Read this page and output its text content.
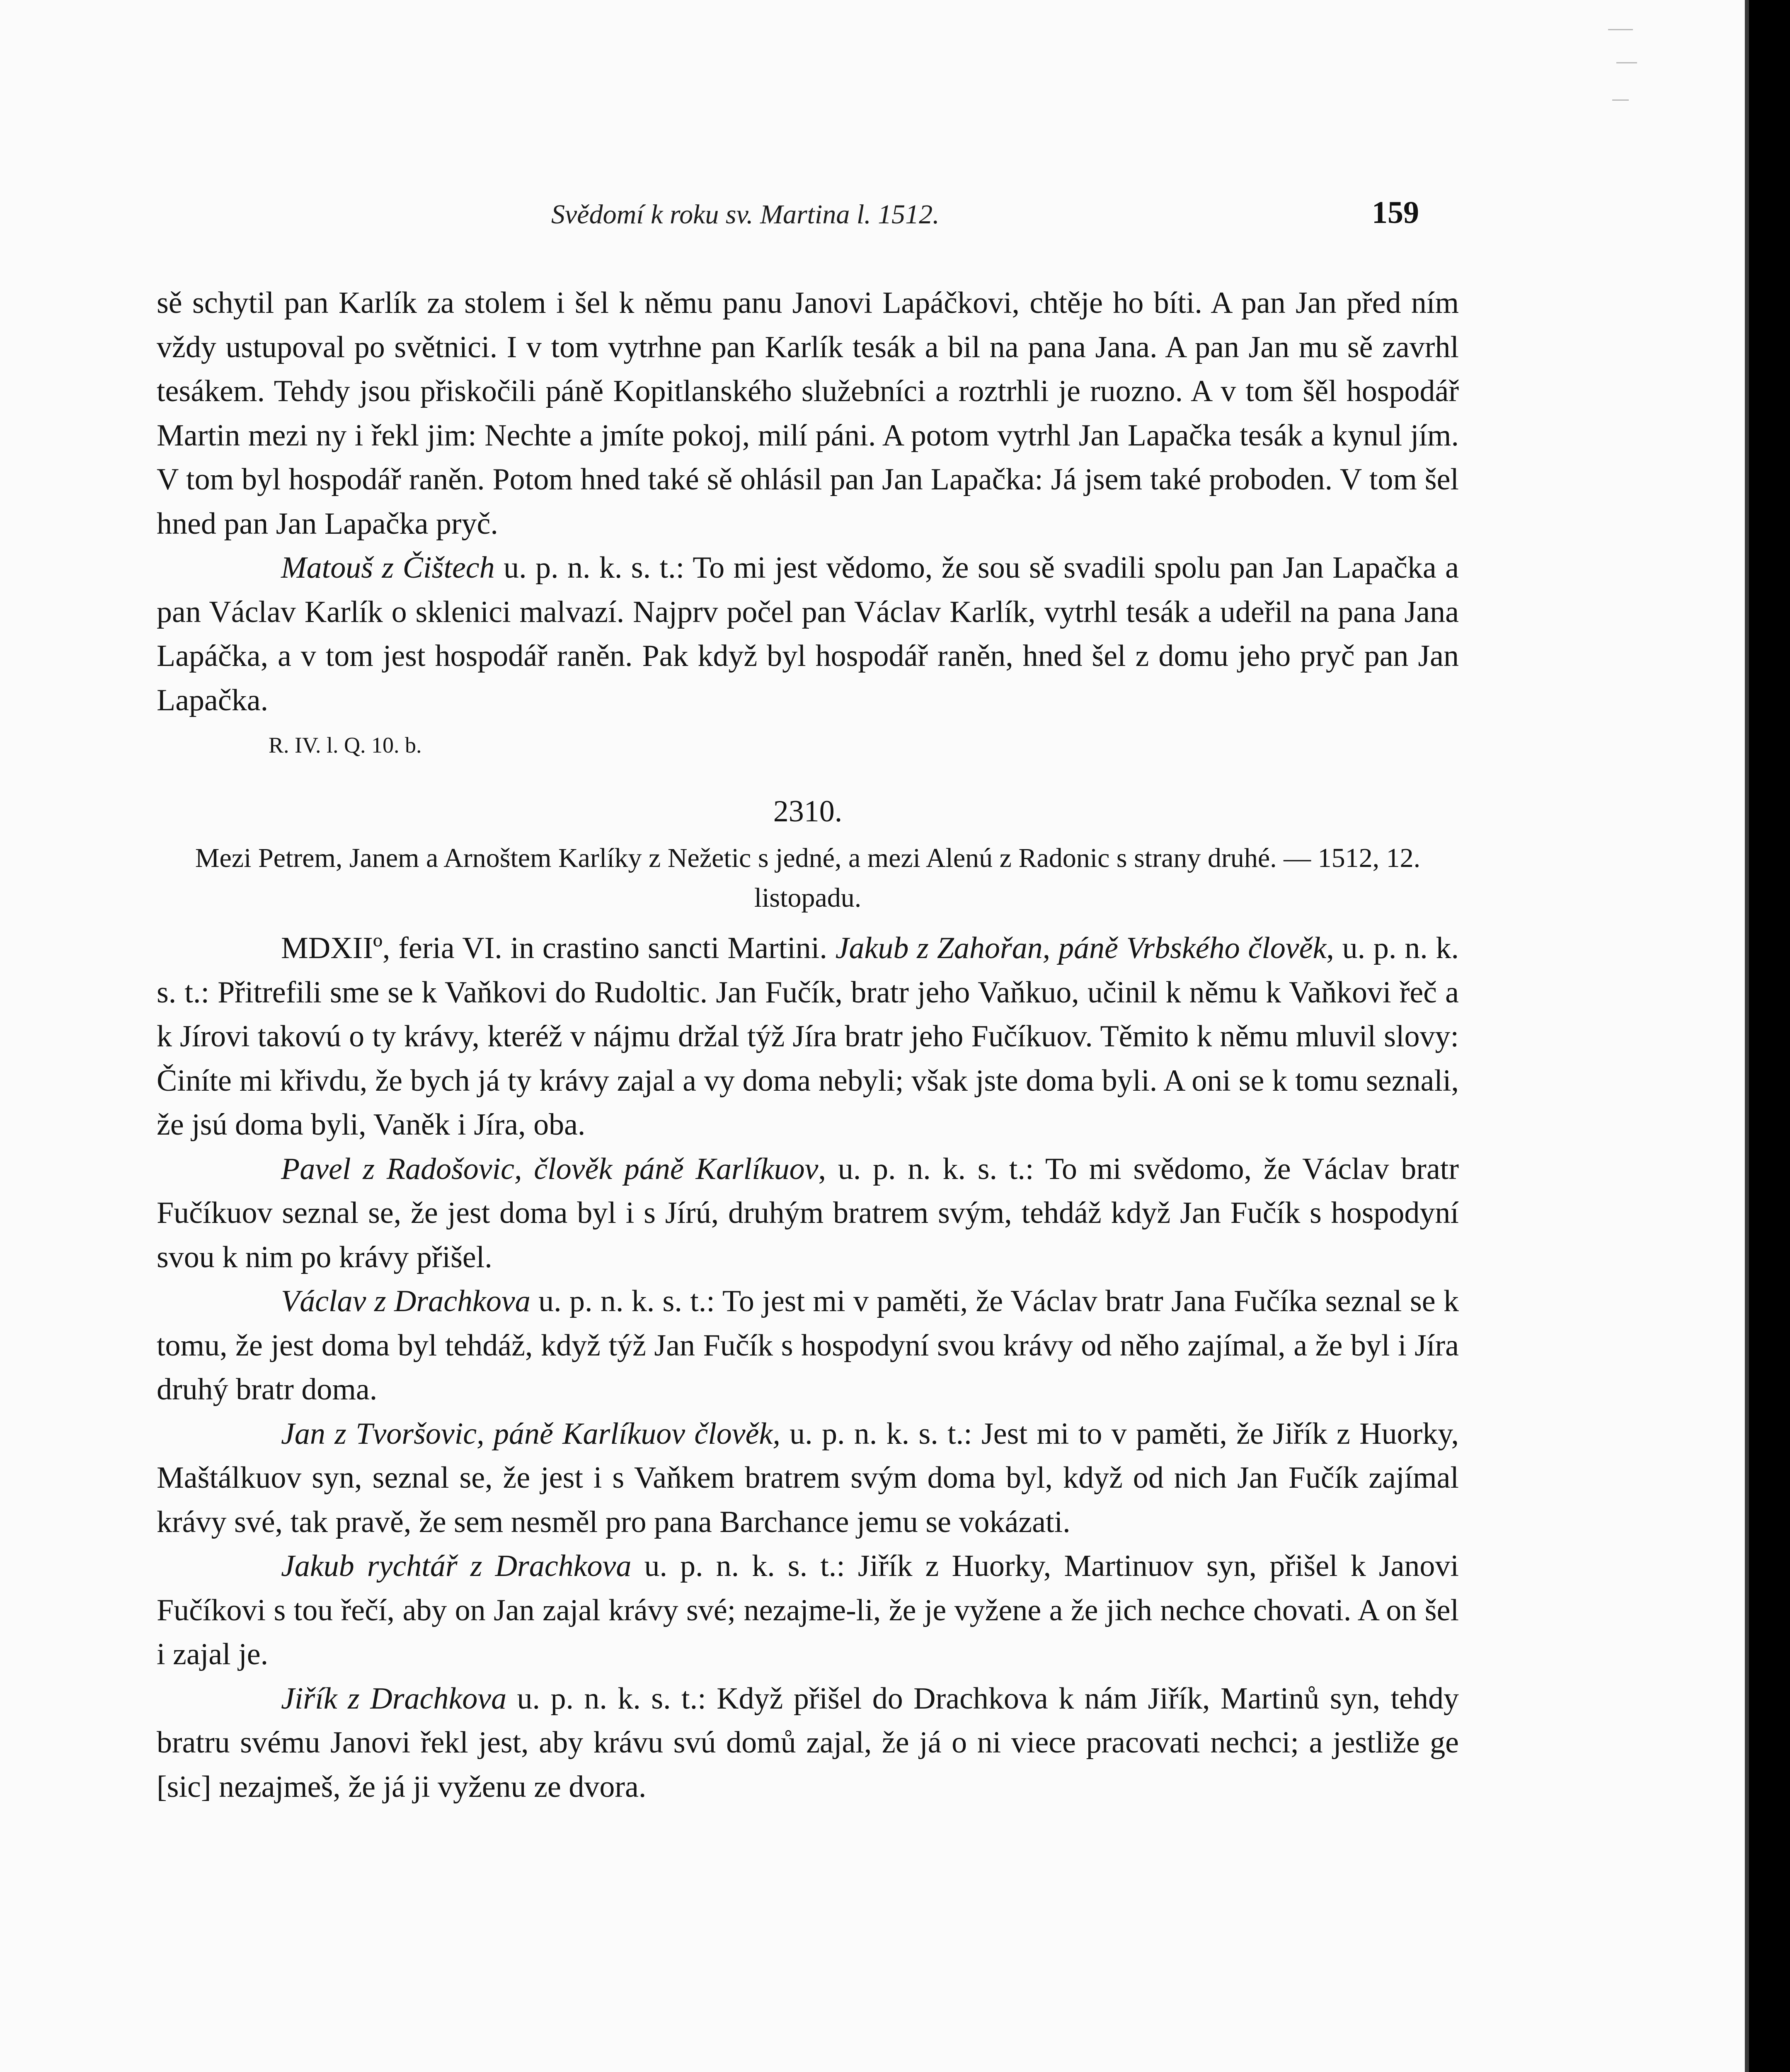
Svědomí k roku sv. Martina l. 1512.	159

sě schytil pan Karlík za stolem i šel k němu panu Janovi Lapáčkovi, chtěje ho bíti. A pan Jan před ním vždy ustupoval po světnici. I v tom vytrhne pan Karlík tesák a bil na pana Jana. A pan Jan mu sě zavrhl tesákem. Tehdy jsou přiskočili páně Kopitlanského služebníci a roztrhli je ruozno. A v tom šěl hospodář Martin mezi ny i řekl jim: Nechte a jmíte pokoj, milí páni. A potom vytrhl Jan Lapačka tesák a kynul jím. V tom byl hospodář raněn. Potom hned také sě ohlásil pan Jan Lapačka: Já jsem také proboden. V tom šel hned pan Jan Lapačka pryč.

Matouš z Čištech u. p. n. k. s. t.: To mi jest vědomo, že sou sě svadili spolu pan Jan Lapačka a pan Václav Karlík o sklenici malvazí. Najprv počel pan Václav Karlík, vytrhl tesák a udeřil na pana Jana Lapáčka, a v tom jest hospodář raněn. Pak když byl hospodář raněn, hned šel z domu jeho pryč pan Jan Lapačka.

R. IV. l. Q. 10. b.
2310.
Mezi Petrem, Janem a Arnoštem Karlíky z Nežetic s jedné, a mezi Alenú z Radonic s strany druhé. — 1512, 12. listopadu.

MDXIIº, feria VI. in crastino sancti Martini. Jakub z Zahořan, páně Vrbského člověk, u. p. n. k. s. t.: Přitrefili sme se k Vaňkovi do Rudoltic. Jan Fučík, bratr jeho Vaňkuo, učinil k němu k Vaňkovi řeč a k Jírovi takovú o ty krávy, kteréž v nájmu držal týž Jíra bratr jeho Fučíkuov. Těmito k němu mluvil slovy: Činíte mi křivdu, že bych já ty krávy zajal a vy doma nebyli; však jste doma byli. A oni se k tomu seznali, že jsú doma byli, Vaněk i Jíra, oba.

Pavel z Radošovic, člověk páně Karlíkuov, u. p. n. k. s. t.: To mi svědomo, že Václav bratr Fučíkuov seznal se, že jest doma byl i s Jírú, druhým bratrem svým, tehdáž když Jan Fučík s hospodyní svou k nim po krávy přišel.

Václav z Drachkova u. p. n. k. s. t.: To jest mi v paměti, že Václav bratr Jana Fučíka seznal se k tomu, že jest doma byl tehdáž, když týž Jan Fučík s hospodyní svou krávy od něho zajímal, a že byl i Jíra druhý bratr doma.

Jan z Tvoršovic, páně Karlíkuov člověk, u. p. n. k. s. t.: Jest mi to v paměti, že Jiřík z Huorky, Maštálkuov syn, seznal se, že jest i s Vaňkem bratrem svým doma byl, když od nich Jan Fučík zajímal krávy své, tak pravě, že sem nesměl pro pana Barchance jemu se vokázati.

Jakub rychtář z Drachkova u. p. n. k. s. t.: Jiřík z Huorky, Martinuov syn, přišel k Janovi Fučíkovi s tou řečí, aby on Jan zajal krávy své; nezajme-li, že je vyžene a že jich nechce chovati. A on šel i zajal je.

Jiřík z Drachkova u. p. n. k. s. t.: Když přišel do Drachkova k nám Jiřík, Martinů syn, tehdy bratru svému Janovi řekl jest, aby krávu svú domů zajal, že já o ni viece pracovati nechci; a jestliže ge [sic] nezajmeš, že já ji vyženu ze dvora.
